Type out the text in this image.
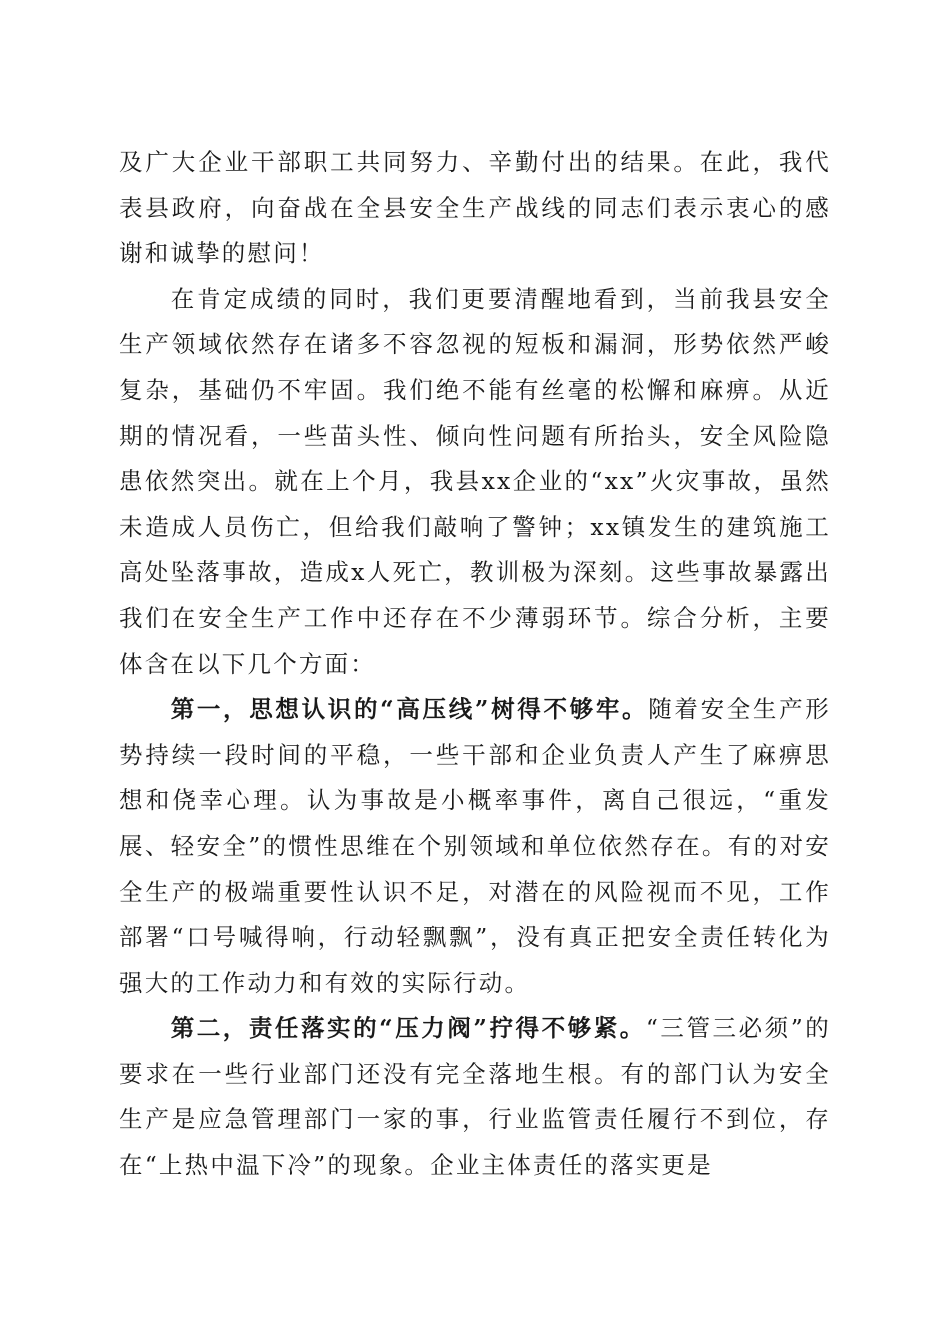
及广大企业干部职工共同努力、辛勤付出的结果。在此，我代表县政府，向奋战在全县安全生产战线的同志们表示衷心的感谢和诚挚的慰问！

在肯定成绩的同时，我们更要清醒地看到，当前我县安全生产领域依然存在诸多不容忽视的短板和漏洞，形势依然严峻复杂，基础仍不牢固。我们绝不能有丝毫的松懈和麻痹。从近期的情况看，一些苗头性、倾向性问题有所抬头，安全风险隐患依然突出。就在上个月，我县xx企业的“xx”火灾事故，虽然未造成人员伤亡，但给我们敲响了警钟；xx镇发生的建筑施工高处坠落事故，造成x人死亡，教训极为深刻。这些事故暴露出我们在安全生产工作中还存在不少薄弱环节。综合分析，主要体含在以下几个方面：

第一，思想认识的“高压线”树得不够牢。随着安全生产形势持续一段时间的平稳，一些干部和企业负责人产生了麻痹思想和侥幸心理。认为事故是小概率事件，离自己很远，“重发展、轻安全”的惯性思维在个别领域和单位依然存在。有的对安全生产的极端重要性认识不足，对潜在的风险视而不见，工作部署“口号喊得响，行动轻飘飘”，没有真正把安全责任转化为强大的工作动力和有效的实际行动。

第二，责任落实的“压力阀”拧得不够紧。“三管三必须”的要求在一些行业部门还没有完全落地生根。有的部门认为安全生产是应急管理部门一家的事，行业监管责任履行不到位，存在“上热中温下冷”的现象。企业主体责任的落实更是
